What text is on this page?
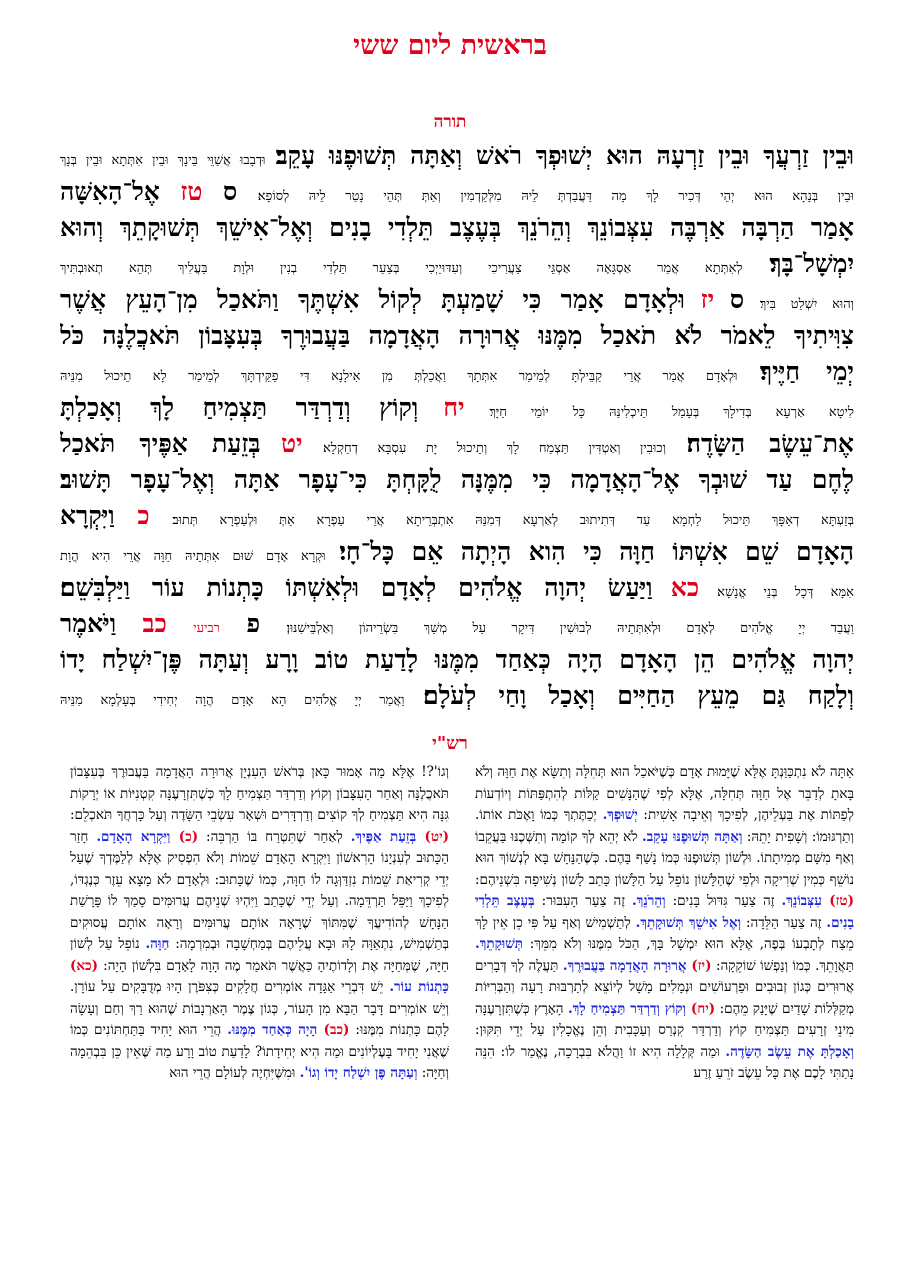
בראשית ליום ששי
תורה
וּבֵין זַרְעֲךָ וּבֵין זַרְעָהּ הוּא יְשׁוּפְךָ רֹאשׁ וְאַתָּה תְּשׁוּפֶנּוּ עָקֵב׃ וּדְבָבוּ אֲשַׁוֵּי בֵּינָךְ וּבֵין אִתְּתָא וּבֵין בְּנָךְ
וּבֵין בְּנָהָא הוּא יְהֵי דְּכִיר לָךְ מָה דַּעֲבַדְתְּ לֵיהּ מִלְּקַדְמִין וְאַתְּ תְּהֵי נָטַר לֵיהּ לְסוֹפָא׃ ס טז אֶל־הָאִשָּׁה
אָמַר הַרְבָּה אַרְבֶּה עִצְּבוֹנֵךְ וְהֵרֹנֵךְ בְּעֶצֶב תֵּלְדִי בָנִים וְאֶל־אִישֵׁךְ תְּשׁוּקָתֵךְ וְהוּא
יִמְשָׁל־בָּךְ׃ לְאִתְּתָא אֲמַר אַסְגָּאָה אַסְגֵּי צַעֲרִיכִי וְעִדּוּיַיְכִי בְּצַעַר תֵּלְדִי בְנִין וּלְוָת בַּעֲלִיךְ תְּהֵא תְאוּבְתִּיךְ
וְהוּא יִשְׁלַט בִּיךְ׃ ס יז וּלְאָדָם אָמַר כִּי שָׁמַעְתָּ לְקוֹל אִשְׁתֶּךָ וַתֹּאכַל מִן־הָעֵץ אֲשֶׁר
צִוִּיתִיךָ לֵאמֹר לֹא תֹאכַל מִמֶּנּוּ אֲרוּרָה הָאֲדָמָה בַּעֲבוּרֶךָ בְּעִצָּבוֹן תֹּאכֲלֶנָּה כֹּל
יְמֵי חַיֶּיךָ׃ וּלְאָדָם אֲמַר אֲרֵי קַבֵּילְתָּ לְמֵימַר אִתְּתָךְ וַאֲכַלְתְּ מִן אִילָנָא דִּי פַקֵּידְתָּךְ לְמֵימַר לָא תֵיכוּל מִנֵּיהּ
לִיטָא אַרְעָא בְּדִילָךְ בְּעָמַל תֵּיכְלִינַּהּ כָּל יוֹמֵי חַיָּךְ׃ יח וְקוֹץ וְדַרְדַּר תַּצְמִיחַ לָךְ וְאָכַלְתָּ
אֶת־עֵשֶׂב הַשָּׂדֶה׃ וְכוּבִין וְאַטְדִּין תַּצְמַח לָךְ וְתֵיכוּל יָת עִסְבָּא דְחַקְלָא׃ יט בְּזֵעַת אַפֶּיךָ תֹּאכַל
לֶחֶם עַד שׁוּבְךָ אֶל־הָאֲדָמָה כִּי מִמֶּנָּה לֻקָּחְתָּ כִּי־עָפָר אַתָּה וְאֶל־עָפָר תָּשׁוּב׃
בְּזֵעְתָּא דְאַפָּךְ תֵּיכוּל לַחְמָא עַד דְּתִיתוּב לְאַרְעָא דְּמִנַּהּ אִתְבְּרֵיתָא אֲרֵי עַפְרָא אַתְּ וּלְעַפְרָא תְּתוּב׃ כ וַיִּקְרָא
הָאָדָם שֵׁם אִשְׁתּוֹ חַוָּה כִּי הִוא הָיְתָה אֵם כָּל־חָי׃ וּקְרָא אָדָם שׁוּם אִתְּתֵיהּ חַוָּה אֲרֵי הִיא הֲוָת
אִמָּא דְּכָל בְּנֵי אֱנָשָׁא׃ כא וַיַּעַשׂ יְהוָה אֱלֹהִים לְאָדָם וּלְאִשְׁתּוֹ כָּתְנוֹת עוֹר וַיַּלְבִּשֵׁם׃
וַעֲבַד יְיָ אֱלֹהִים לְאָדָם וּלְאִתְּתֵיהּ לְבוּשִׁין דִּיקָר עַל מְשַׁךְ בִּשְׂרֵיהוֹן וְאַלְבֵּישִׁנּוּן׃ פ רביעי כב וַיֹּאמֶר
יְהוָה אֱלֹהִים הֵן הָאָדָם הָיָה כְּאַחַד מִמֶּנּוּ לָדַעַת טוֹב וָרָע וְעַתָּה פֶּן־יִשְׁלַח יָדוֹ
וְלָקַח גַּם מֵעֵץ הַחַיִּים וְאָכַל וָחַי לְעֹלָם׃ וַאֲמַר יְיָ אֱלֹהִים הָא אָדָם הֲוָה יְחִידִי בְּעָלְמָא מִנֵּיהּ
רש"י
אַתָּה לֹא נִתְכַּוַּנְתָּ אֶלָּא שֶׁיָּמוּת אָדָם כְּשֶׁיֹּאכַל הוּא תְּחִלָּה וְתִשָּׂא אֶת חַוָּה וְלֹא בָּאתָ לְדַבֵּר אֶל חַוָּה תְּחִלָּה, אֶלָּא לְפִי שֶׁהַנָּשִׁים קַלּוֹת לְהִתְפַּתּוֹת וְיוֹדְעוֹת לְפַתּוֹת אֶת בַּעְלֵיהֶן, לְפִיכָךְ וְאֵיבָה אָשִׁית: יְשׁוּפְךָ. יְכַתֶּתְךָ כְּמוֹ וָאֶכֹּת אוֹתוֹ. וְתַרְגּוּמוֹ: וְשָׁפִית יָתֵהּ: וְאַתָּה תְּשׁוּפֶנּוּ עָקֵב. לֹא יְהֵא לְךָ קוֹמָה וְתִשְּׁכֶנּוּ בַּעֲקֵבוֹ וְאַף מִשָּׁם מְמִיתָתוֹ. וּלְשׁוֹן תְּשׁוּפֶנּוּ כְּמוֹ נָשַׁף בָּהֶם. כְּשֶׁהַנָּחָשׁ בָּא לְנְשׁוֹךְ הוּא נוֹשֵׁף כְּמִין שְׁרִיקָה וּלְפִי שֶׁהַלָּשׁוֹן נוֹפֵל עַל הַלָּשׁוֹן כָּתַב לָשׁוֹן נְשִׁיפָה בִּשְׁנֵיהֶם: (טז) עִצְּבוֹנֵךְ. זֶה צַעַר גִּדּוּל בָּנִים: וְהֵרֹנֵךְ. זֶה צַעַר הָעִבּוּר: בְּעֶצֶב תֵּלְדִי בָנִים. זֶה צַעַר הַלֵּדָה: וְאֶל אִישֵׁךְ תְּשׁוּקָתֵךְ. לְתַשְׁמִישׁ וְאַף עַל פִּי כֵן אֵין לָךְ מֵצַח לְתָבְעוֹ בְּפֶה, אֶלָּא הוּא יִמְשָׁל בָּךְ, הַכֹּל מִמֶּנּוּ וְלֹא מִמֵּךְ: תְּשׁוּקָתֵךְ. תַּאֲוָתֵךְ. כְּמוֹ וְנַפְשׁוֹ שׁוֹקֵקָה: (יז) אֲרוּרָה הָאֲדָמָה בַּעֲבוּרֶךָ. תַּעֲלֶה לְךָ דְּבָרִים אֲרוּרִים כְּגוֹן זְבוּבִים וּפַרְעוֹשִׁים וּנְמָלִים מָשָׁל לְיוֹצֵא לְתַרְבּוּת רָעָה וְהַבְּרִיּוֹת מְקַלְּלוֹת שָׁדַיִם שֶׁיָּנַק מֵהֶם: (יח) וְקוֹץ וְדַרְדַּר תַּצְמִיחַ לָךְ. הָאָרֶץ כְּשֶׁתִּזְרָעֶנָּה מִינֵי זְרָעִים תַּצְמִיחַ קוֹץ וְדַרְדַּר קִנְרַס וְעַכָּבִית וְהֵן נֶאֱכָלִין עַל יְדֵי תִּקּוּן: וְאָכַלְתָּ אֶת עֵשֶׂב הַשָּׂדֶה. וּמַה קְּלָלָה הִיא זוֹ וַהֲלֹא בִּבְרָכָה, נֶאֱמַר לוֹ: הִנֵּה נָתַתִּי לָכֶם אֶת כָּל עֵשֶׂב זֹרֵעַ זֶרַע
וְגוֹ'?! אֶלָּא מָה אָמוּר כָּאן בְּרֹאשׁ הָעִנְיָן אֲרוּרָה הָאֲדָמָה בַּעֲבוּרֶךָ בְּעִצָּבוֹן תֹּאכֲלֶנָּה וְאַחַר הָעִצָּבוֹן וְקוֹץ וְדַרְדַּר תַּצְמִיחַ לָךְ כְּשֶׁתִּזְרָעֶנָּה קִטְנִיּוֹת אוֹ יְרָקוֹת גִּנָּה הִיא תַּצְמִיחַ לְךָ קוֹצִים וְדַרְדָּרִים וּשְׁאָר עִשְׂבֵי הַשָּׂדֶה וְעַל כָּרְחֲךָ תֹּאכְלֵם: (יט) בְּזֵעַת אַפֶּיךָ. לְאַחַר שֶׁתִּטְרַח בּוֹ הַרְבֵּה: (כ) וַיִּקְרָא הָאָדָם. חָזַר הַכָּתוּב לְעִנְיָנוֹ הָרִאשׁוֹן וַיִּקְרָא הָאָדָם שֵׁמוֹת וְלֹא הִפְסִיק אֶלָּא לְלַמֶּדְךָ שֶׁעַל יְדֵי קְרִיאַת שֵׁמוֹת נִזְדַּוְּגָה לוֹ חַוָּה, כְּמוֹ שֶׁכָּתוּב: וּלְאָדָם לֹא מָצָא עֵזֶר כְּנֶגְדּוֹ, לְפִיכָךְ וַיַּפֵּל תַּרְדֵּמָה. וְעַל יְדֵי שֶׁכָּתַב וַיִּהְיוּ שְׁנֵיהֶם עֲרוּמִּים סָמַךְ לוֹ פָּרָשַׁת הַנָּחָשׁ לְהוֹדִיעֲךָ שֶׁמִּתּוֹךְ שֶׁרָאָה אוֹתָם עֲרוּמִּים וְרָאָה אוֹתָם עֲסוּקִים בְּתַשְׁמִישׁ, נִתְאַוָּה לָהּ וּבָא עֲלֵיהֶם בְּמַחְשָׁבָה וּבְמִרְמָה: חַוָּה. נוֹפֵל עַל לְשׁוֹן חַיָּה, שֶׁמְּחַיָּה אֶת וְלָדוֹתֶיהָ כַּאֲשֶׁר תֹּאמַר מֶה הָוָה לָאָדָם בִּלְשׁוֹן הָיָה: (כא) כָּתְנוֹת עוֹר. יֵשׁ דִּבְרֵי אַגָּדָה אוֹמְרִים חֲלָקִים כְּצִפֹּרֶן הָיוּ מְדֻבָּקִים עַל עוֹרָן. וְיֵשׁ אוֹמְרִים דָּבָר הַבָּא מִן הָעוֹר, כְּגוֹן צֶמֶר הָאַרְנָבוֹת שֶׁהוּא רַךְ וְחַם וְעָשָׂה לָהֶם כָּתְנוֹת מִמֶּנּוּ: (כב) הָיָה כְּאַחַד מִמֶּנּוּ. הֲרֵי הוּא יָחִיד בַּתַּחְתּוֹנִים כְּמוֹ שֶׁאֲנִי יָחִיד בָּעֶלְיוֹנִים וּמַה הִיא יְחִידָתוֹ? לָדַעַת טוֹב וָרָע מַה שֶּׁאֵין כֵּן בִּבְהֵמָה וְחַיָּה: וְעַתָּה פֶּן יִשְׁלַח יָדוֹ וְגוֹ'. וּמִשֶּׁיִּחְיֶה לְעוֹלָם הֲרֵי הוּא
